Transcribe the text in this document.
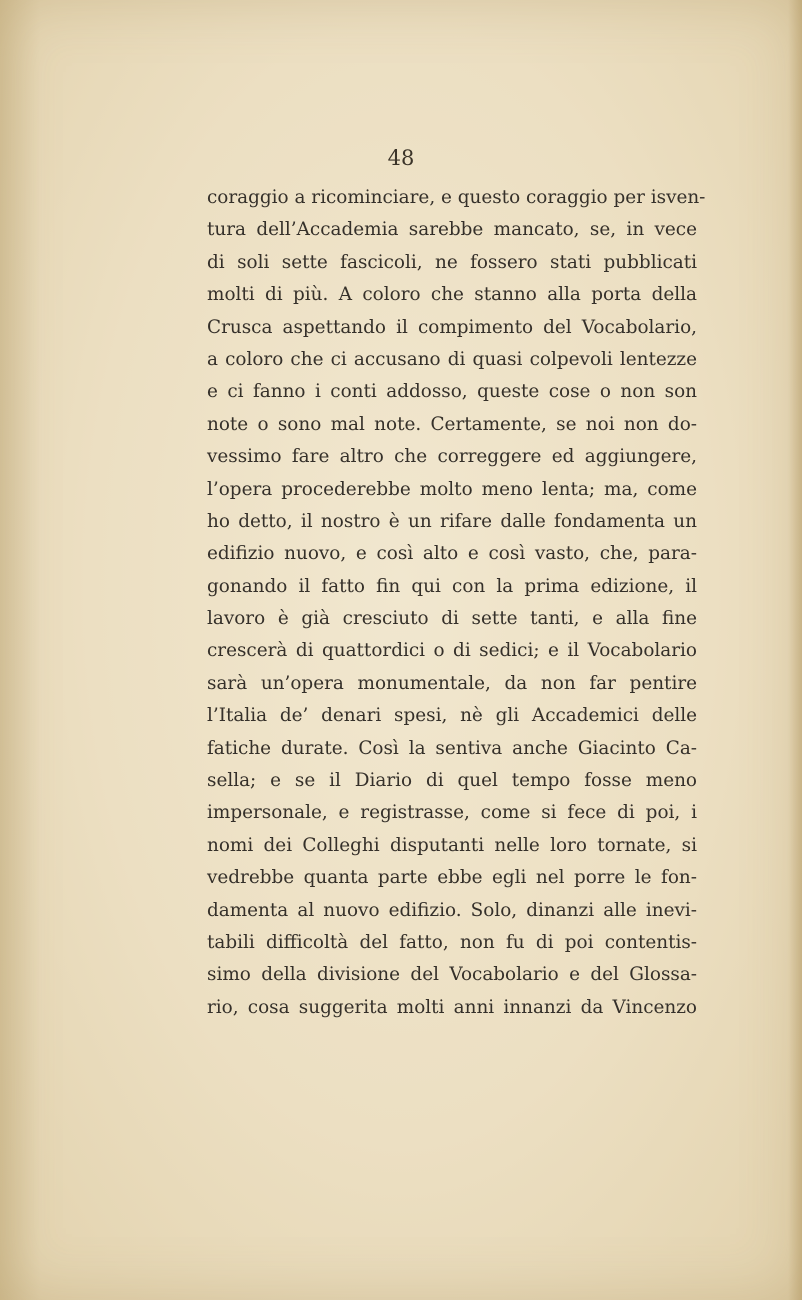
48
coraggio a ricominciare, e questo coraggio per isven-
tura dell’Accademia sarebbe mancato, se, in vece
di soli sette fascicoli, ne fossero stati pubblicati
molti di più. A coloro che stanno alla porta della
Crusca aspettando il compimento del Vocabolario,
a coloro che ci accusano di quasi colpevoli lentezze
e ci fanno i conti addosso, queste cose o non son
note o sono mal note. Certamente, se noi non do-
vessimo fare altro che correggere ed aggiungere,
l’opera procederebbe molto meno lenta; ma, come
ho detto, il nostro è un rifare dalle fondamenta un
edifizio nuovo, e così alto e così vasto, che, para-
gonando il fatto fin qui con la prima edizione, il
lavoro è già cresciuto di sette tanti, e alla fine
crescerà di quattordici o di sedici; e il Vocabolario
sarà un’opera monumentale, da non far pentire
l’Italia de’ denari spesi, nè gli Accademici delle
fatiche durate. Così la sentiva anche Giacinto Ca-
sella; e se il Diario di quel tempo fosse meno
impersonale, e registrasse, come si fece di poi, i
nomi dei Colleghi disputanti nelle loro tornate, si
vedrebbe quanta parte ebbe egli nel porre le fon-
damenta al nuovo edifizio. Solo, dinanzi alle inevi-
tabili difficoltà del fatto, non fu di poi contentis-
simo della divisione del Vocabolario e del Glossa-
rio, cosa suggerita molti anni innanzi da Vincenzo
